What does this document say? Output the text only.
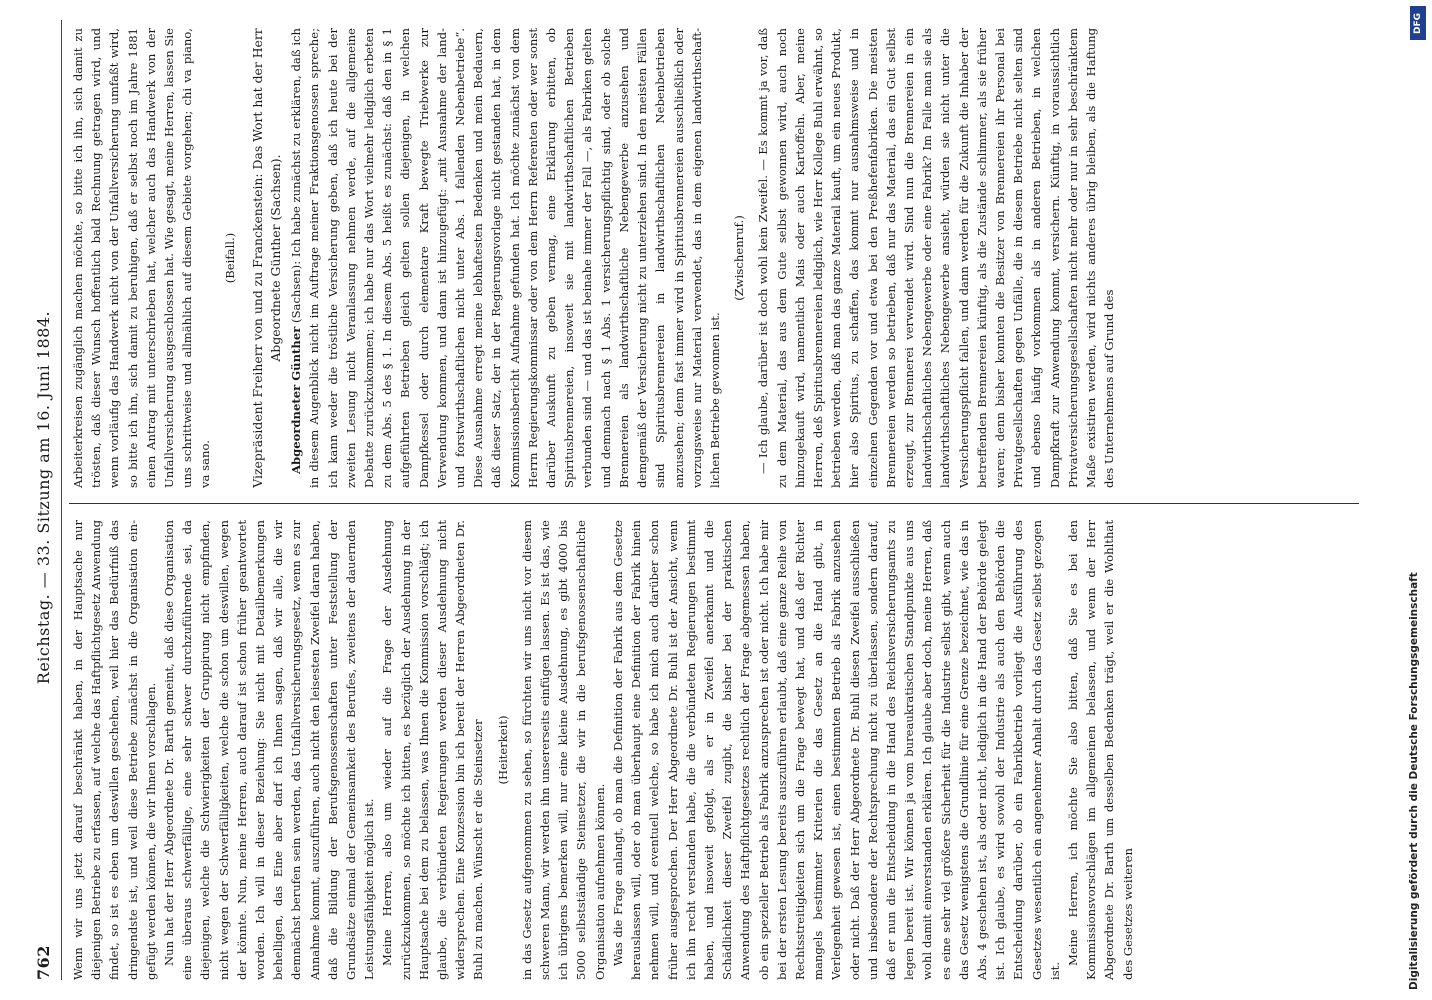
762
Reichstag. — 33. Sitzung am 16. Juni 1884.

Wenn wir uns jetzt darauf beschränkt haben, in der Hauptsache nur diejenigen Betriebe zu erfassen, auf welche das Haftpflichtgesetz Anwendung findet, so ist es eben um deswillen geschehen, weil hier das Bedürfniß das dringendste ist, und weil diese Betriebe zunächst in die Organisation eingefügt werden können, die wir Ihnen vorschlagen. Nun hat der Herr Abgeordnete Dr. Barth gemeint, daß diese Organisation eine überaus schwerfällige, eine sehr schwer durchzuführende sei, da diejenigen, welche die Schwierigkeiten der Gruppirung nicht empfinden, nicht wegen der Schwerfälligkeiten, welche die schon um deswillen, wegen der könnte. Nun, meine Herren, auch darauf ist schon früher geantwortet worden. Ich will in dieser Beziehung: Sie nicht mit Detailbemerkungen behelligen, das Eine aber darf ich Ihnen sagen, daß wir alle, die wir demnächst berufen sein werden, das Unfallversicherungsgesetz, wenn es zur Annahme kommt, auszuführen, auch nicht den leisesten Zweifel daran haben, daß die Bildung der Berufsgenossenschaften unter Feststellung der Grundsätze einmal der Gemeinsamkeit des Berufes, zweitens der dauernden Leistungsfähigkeit möglich ist. Meine Herren, also um wieder auf die Frage der Ausdehnung zurückzukommen, so möchte ich bitten, es bezüglich der Ausdehnung in der Hauptsache bei dem zu belassen, was Ihnen die Kommission vorschlägt; ich glaube, die verbündeten Regierungen werden dieser Ausdehnung nicht widersprechen. Eine Konzession bin ich bereit der Herren Abgeordneten Dr. Buhl zu machen. Wünscht er die Steinsetzer (Heiterkeit) in das Gesetz aufgenommen zu sehen, so fürchten wir uns nicht vor diesem schweren Mann, wir werden ihn unsererseits einfügen lassen. Es ist das, wie ich übrigens bemerken will, nur eine kleine Ausdehnung, es gibt 4000 bis 5000 selbstständige Steinsetzer, die wir in die berufsgenossenschaftliche Organisation aufnehmen können. Was die Frage anlangt, ob man die Definition der Fabrik aus dem Gesetze herauslassen will, oder ob man überhaupt eine Definition der Fabrik hinein nehmen will, und eventuell welche, so habe ich mich auch darüber schon früher ausgesprochen. Der Herr Abgeordnete Dr. Buhl ist der Ansicht, wenn ich ihn recht verstanden habe, die die verbündeten Regierungen bestimmt haben, und insoweit gefolgt, als er in Zweifel anerkannt und die Schädlichkeit dieser Zweifel zugibt, die bisher bei der praktischen Anwendung des Haftpflichtgesetzes rechtlich der Frage abgemessen haben, ob ein spezieller Betrieb als Fabrik anzusprechen ist oder nicht. Ich habe mir bei der ersten Lesung bereits auszuführen erlaubt, daß eine ganze Reihe von Rechtsstreitigkeiten sich um die Frage bewegt hat, und daß der Richter mangels bestimmter Kriterien die das Gesetz an die Hand gibt, in Verlegenheit gewesen ist, einen bestimmten Betrieb als Fabrik anzusehen oder nicht. Daß der Herr Abgeordnete Dr. Buhl diesen Zweifel ausschließen und insbesondere der Rechtsprechung nicht zu überlassen, sondern darauf, daß er nun die Entscheidung in die Hand des Reichsversicherungsamts zu legen bereit ist. Wir können ja vom bureaukratischen Standpunkte aus uns wohl damit einverstanden erklären. Ich glaube aber doch, meine Herren, daß es eine sehr viel größere Sicherheit für die Industrie selbst gibt, wenn auch das Gesetz wenigstens die Grundlinie für eine Grenze bezeichnet, wie das in Abs. 4 geschehen ist, als oder nicht, lediglich in die Hand der Behörde gelegt ist. Ich glaube, es wird sowohl der Industrie als auch den Behörden die Entscheidung darüber, ob ein Fabrikbetrieb vorliegt die Ausführung des Gesetzes wesentlich ein angenehmer Anhalt durch das Gesetz selbst gezogen ist.

Meine Herren, ich möchte Sie also bitten, daß Sie es bei den Kommissionsvorschlägen im allgemeinen belassen, und wenn der Herr Abgeordnete Dr. Barth um desselben Bedenken trägt, weil er die Wohlthat des Gesetzes weiteren

Arbeiterkreisen zugänglich machen möchte, so bitte ich ihn, sich damit zu trösten, daß dieser Wunsch hoffentlich bald Rechnung getragen wird, und wenn vorläufig das Handwerk nicht von der Unfallversicherung umfaßt wird, so bitte ich ihn, sich damit zu beruhigen, daß er selbst noch im Jahre 1881 einen Antrag mit unterschrieben hat, welcher auch das Handwerk von der Unfallversicherung ausgeschlossen hat. Wie gesagt, meine Herren, lassen Sie uns schrittweise und allmählich auf diesem Gebiete vorgehen; chi va piano, va sano.

(Beifall.) Vizepräsident Freiherr von und zu Franckenstein: Das Wort hat der Herr Abgeordnete Günther (Sachsen).

Abgeordneter Günther (Sachsen): Ich habe zunächst zu erklären, daß ich in diesem Augenblick nicht im Auftrage meiner Fraktionsgenossen spreche; ich kann weder die tröstliche Versicherung geben, daß ich heute bei der zweiten Lesung nicht Veranlassung nehmen werde, auf die allgemeine Debatte zurückzukommen; ich habe nur das Wort vielmehr lediglich erbeten zu dem Abs. 5 des § 1. In diesem Abs. 5 heißt es zunächst: daß den in § 1 aufgeführten Betrieben gleich gelten sollen diejenigen, in welchen Dampfkessel oder durch elementare Kraft bewegte Triebwerke zur Verwendung kommen, und dann ist hinzugefügt: „mit Ausnahme der land- und forstwirthschaftlichen nicht unter Abs. 1 fallenden Nebenbetriebe“. Diese Ausnahme erregt meine lebhaftesten Bedenken und mein Bedauern, daß dieser Satz, der in der Regierungsvorlage nicht gestanden hat, in dem Kommissionsbericht Aufnahme gefunden hat. Ich möchte zunächst von dem Herrn Regierungskommissar oder von dem Herrn Referenten oder wer sonst darüber Auskunft zu geben vermag, eine Erklärung erbitten, ob Spiritusbrennereien, insoweit sie mit landwirthschaftlichen Betrieben verbunden sind — und das ist beinahe immer der Fall —, als Fabriken gelten und demnach nach § 1 Abs. 1 versicherungspflichtig sind, oder ob solche Brennereien als landwirthschaftliche Nebengewerbe anzusehen und demgemäß der Versicherung nicht zu unterziehen sind. In den meisten Fällen sind Spiritusbrennereien in landwirthschaftlichen Nebenbetrieben anzusehen; denn fast immer wird in Spiritusbrennereien ausschließlich oder vorzugsweise nur Material verwendet, das in dem eigenen landwirthschaftlichen Betriebe gewonnen ist.

(Zwischenruf.) — Ich glaube, darüber ist doch wohl kein Zweifel. — Es kommt ja vor, daß zu dem Material, das aus dem Gute selbst gewonnen wird, auch noch hinzugekauft wird, namentlich Mais oder auch Kartoffeln. Aber, meine Herren, deß Spiritusbrennereien lediglich, wie Herr Kollege Buhl erwähnt, so betrieben werden, daß man das ganze Material kauft, um ein neues Produkt, hier also Spiritus, zu schaffen, das kommt nur ausnahmsweise und in einzelnen Gegenden vor und etwa bei den Preßhefenfabriken. Die meisten Brennereien werden so betrieben, daß nur das Material, das ein Gut selbst erzeugt, zur Brennerei verwendet wird. Sind nun die Brennereien in ein landwirthschaftliches Nebengewerbe oder eine Fabrik? Im Falle man sie als landwirthschaftliches Nebengewerbe ansieht, würden sie nicht unter die Versicherungspflicht fallen, und dann werden für die Zukunft die Inhaber der betreffenden Brennereien künftig, als die Zustände schlimmer, als sie früher waren; denn bisher konnten die Besitzer von Brennereien ihr Personal bei Privatgesellschaften gegen Unfälle, die in diesem Betriebe nicht selten sind und ebenso häufig vorkommen als in anderen Betrieben, in welchen Dampfkraft zur Anwendung kommt, versichern. Künftig, in voraussichtlich Privatversicherungsgesellschaften nicht mehr oder nur in sehr beschränktem Maße existiren werden, wird nichts anderes übrig bleiben, als die Haftung des Unternehmens auf Grund des

DFG
Digitalisierung gefördert durch die Deutsche Forschungsgemeinschaft
